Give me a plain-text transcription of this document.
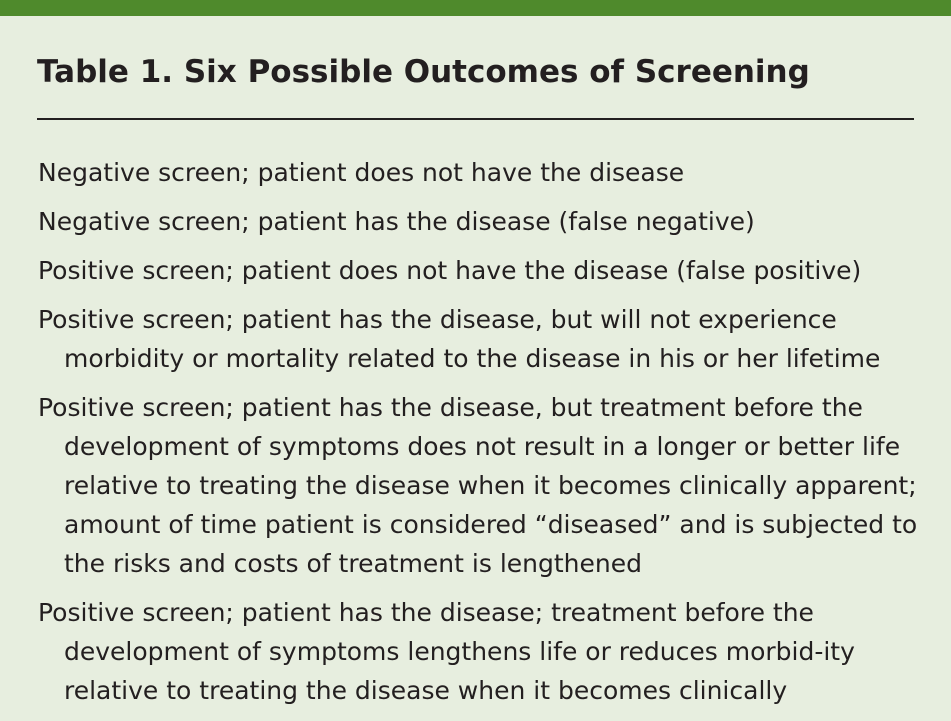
Table 1. Six Possible Outcomes of Screening
Negative screen; patient does not have the disease
Negative screen; patient has the disease (false negative)
Positive screen; patient does not have the disease (false positive)
Positive screen; patient has the disease, but will not experience morbidity or mortality related to the disease in his or her lifetime
Positive screen; patient has the disease, but treatment before the development of symptoms does not result in a longer or better life relative to treating the disease when it becomes clinically apparent; amount of time patient is considered “diseased” and is subjected to the risks and costs of treatment is lengthened
Positive screen; patient has the disease; treatment before the development of symptoms lengthens life or reduces morbid-ity relative to treating the disease when it becomes clinically
